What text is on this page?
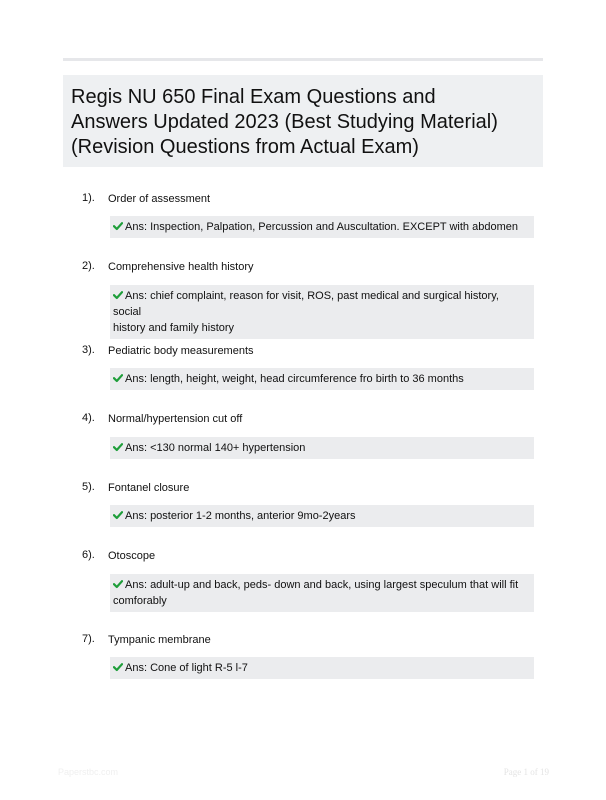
Regis NU 650 Final Exam Questions and
Answers Updated 2023 (Best Studying Material)
(Revision Questions from Actual Exam)
1). Order of assessment
Ans: Inspection, Palpation, Percussion and Auscultation. EXCEPT with abdomen
2). Comprehensive health history
Ans: chief complaint, reason for visit, ROS, past medical and surgical history, social
history and family history
3). Pediatric body measurements
Ans: length, height, weight, head circumference fro birth to 36 months
4). Normal/hypertension cut off
Ans: <130 normal 140+ hypertension
5). Fontanel closure
Ans: posterior 1-2 months, anterior 9mo-2years
6). Otoscope
Ans: adult-up and back, peds- down and back, using largest speculum that will fit
comforably
7). Tympanic membrane
Ans: Cone of light R-5 l-7
Paperstbc.com	Page 1 of 19
